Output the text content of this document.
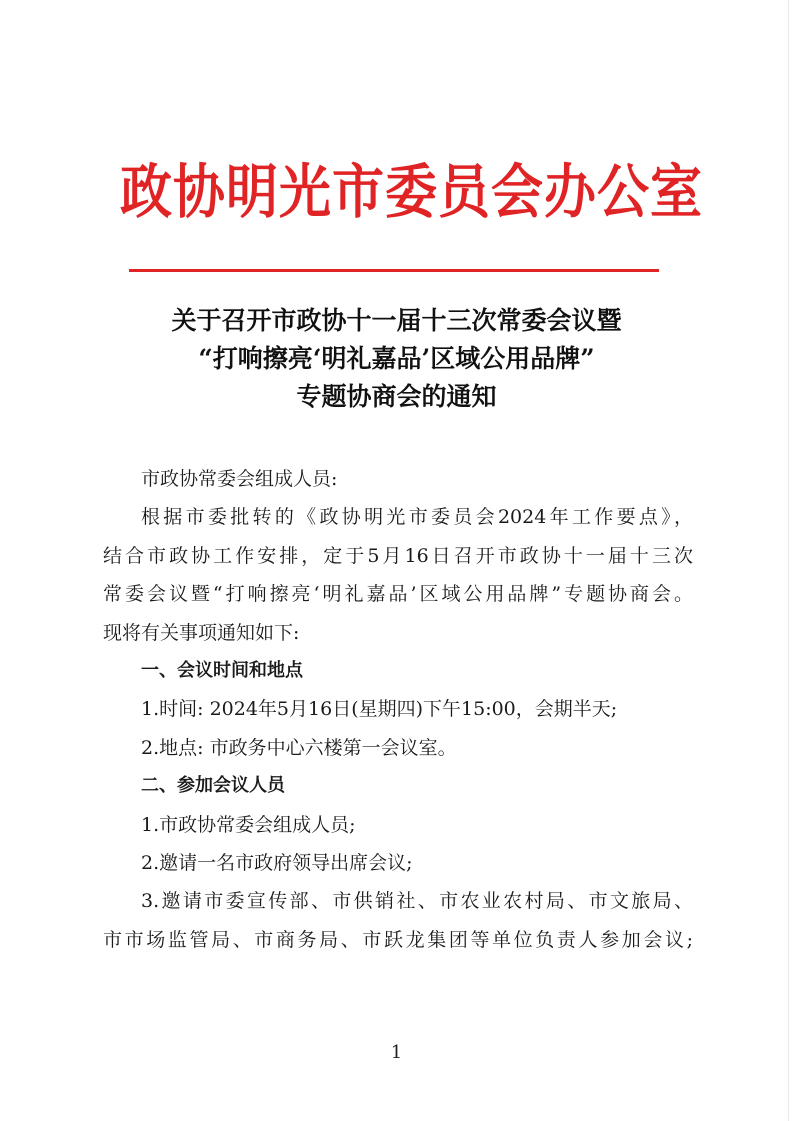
政协明光市委员会办公室
关于召开市政协十一届十三次常委会议暨
“打响擦亮‘明礼嘉品’区域公用品牌”
专题协商会的通知
市政协常委会组成人员:
根据市委批转的《政协明光市委员会2024年工作要点》，
结合市政协工作安排，定于5月16日召开市政协十一届十三次
常委会议暨“打响擦亮‘明礼嘉品’区域公用品牌”专题协商会。
现将有关事项通知如下:
一、会议时间和地点
1.时间: 2024年5月16日(星期四)下午15:00，会期半天;
2.地点: 市政务中心六楼第一会议室。
二、参加会议人员
1.市政协常委会组成人员;
2.邀请一名市政府领导出席会议;
3.邀请市委宣传部、市供销社、市农业农村局、市文旅局、
市市场监管局、市商务局、市跃龙集团等单位负责人参加会议;
1
